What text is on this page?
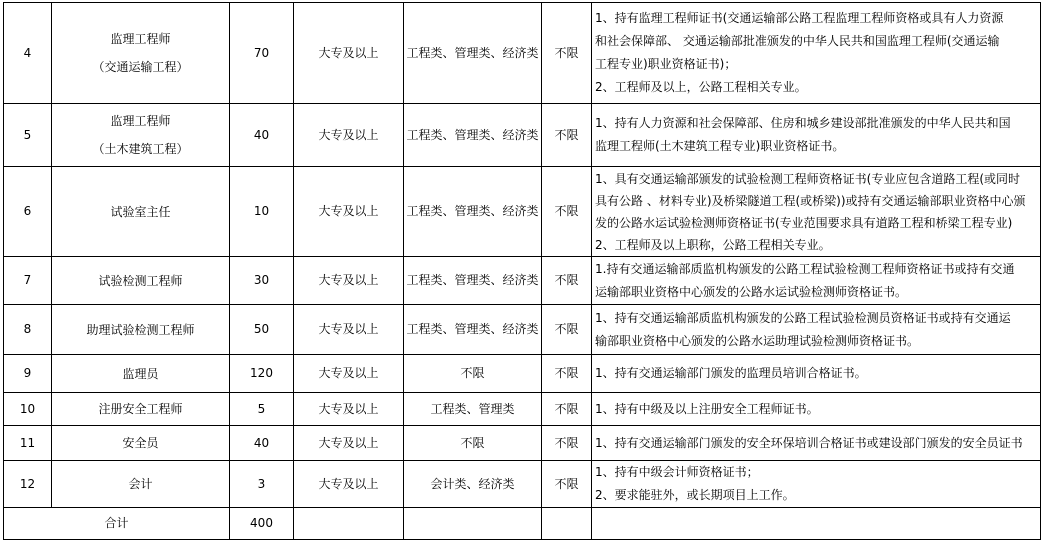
4	监理工程师
（交通运输工程）	70	大专及以上	工程类、管理类、经济类	不限	1、持有监理工程师证书(交通运输部公路工程监理工程师资格或具有人力资源
和社会保障部、 交通运输部批准颁发的中华人民共和国监理工程师(交通运输
工程专业)职业资格证书)；
2、工程师及以上，公路工程相关专业。

5	监理工程师
（土木建筑工程）	40	大专及以上	工程类、管理类、经济类	不限	1、持有人力资源和社会保障部、住房和城乡建设部批准颁发的中华人民共和国
监理工程师(土木建筑工程专业)职业资格证书。

6	试验室主任	10	大专及以上	工程类、管理类、经济类	不限	1、具有交通运输部颁发的试验检测工程师资格证书(专业应包含道路工程(或同时
具有公路 、材料专业)及桥梁隧道工程(或桥梁))或持有交通运输部职业资格中心颁
发的公路水运试验检测师资格证书(专业范围要求具有道路工程和桥梁工程专业)
2、工程师及以上职称，公路工程相关专业。

7	试验检测工程师	30	大专及以上	工程类、管理类、经济类	不限	1.持有交通运输部质监机构颁发的公路工程试验检测工程师资格证书或持有交通
运输部职业资格中心颁发的公路水运试验检测师资格证书。

8	助理试验检测工程师	50	大专及以上	工程类、管理类、经济类	不限	1、持有交通运输部质监机构颁发的公路工程试验检测员资格证书或持有交通运
输部职业资格中心颁发的公路水运助理试验检测师资格证书。

9	监理员	120	大专及以上	不限	不限	1、持有交通运输部门颁发的监理员培训合格证书。

10	注册安全工程师	5	大专及以上	工程类、管理类	不限	1、持有中级及以上注册安全工程师证书。

11	安全员	40	大专及以上	不限	不限	1、持有交通运输部门颁发的安全环保培训合格证书或建设部门颁发的安全员证书

12	会计	3	大专及以上	会计类、经济类	不限	1、持有中级会计师资格证书；
2、要求能驻外，或长期项目上工作。

合计		400				
